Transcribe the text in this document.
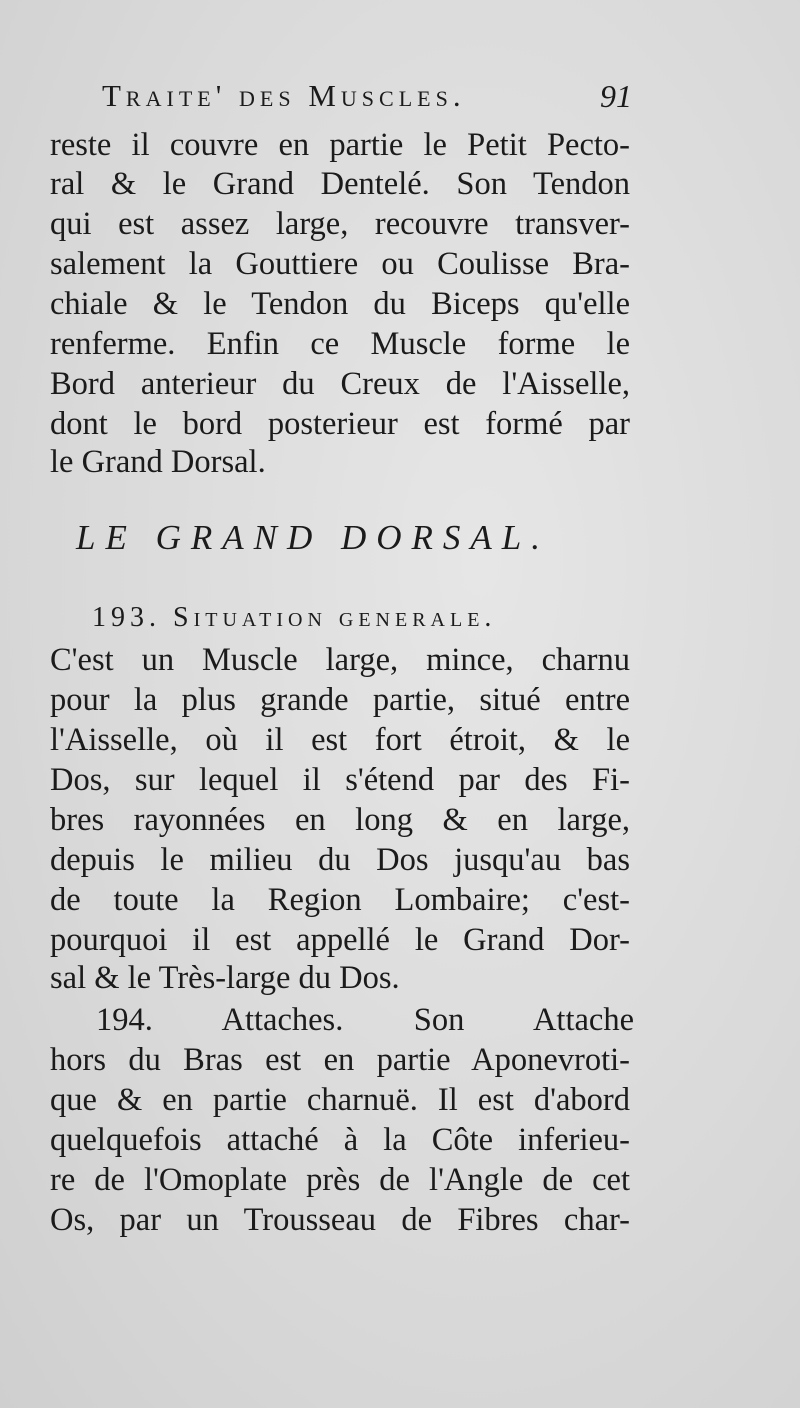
Traite' des Muscles.	91
reste il couvre en partie le Petit Pecto-
ral & le Grand Dentelé. Son Tendon
qui est assez large, recouvre transver-
salement la Gouttiere ou Coulisse Bra-
chiale & le Tendon du Biceps qu'elle
renferme. Enfin ce Muscle forme le
Bord anterieur du Creux de l'Aisselle,
dont le bord posterieur est formé par
le Grand Dorsal.
LE GRAND DORSAL.
193. Situation generale.
C'est un Muscle large, mince, charnu
pour la plus grande partie, situé entre
l'Aisselle, où il est fort étroit, & le
Dos, sur lequel il s'étend par des Fi-
bres rayonnées en long & en large,
depuis le milieu du Dos jusqu'au bas
de toute la Region Lombaire; c'est-
pourquoi il est appellé le Grand Dor-
sal & le Très-large du Dos.
194. Attaches. Son Attache
hors du Bras est en partie Aponevroti-
que & en partie charnuë. Il est d'abord
quelquefois attaché à la Côte inferieu-
re de l'Omoplate près de l'Angle de cet
Os, par un Trousseau de Fibres char-
